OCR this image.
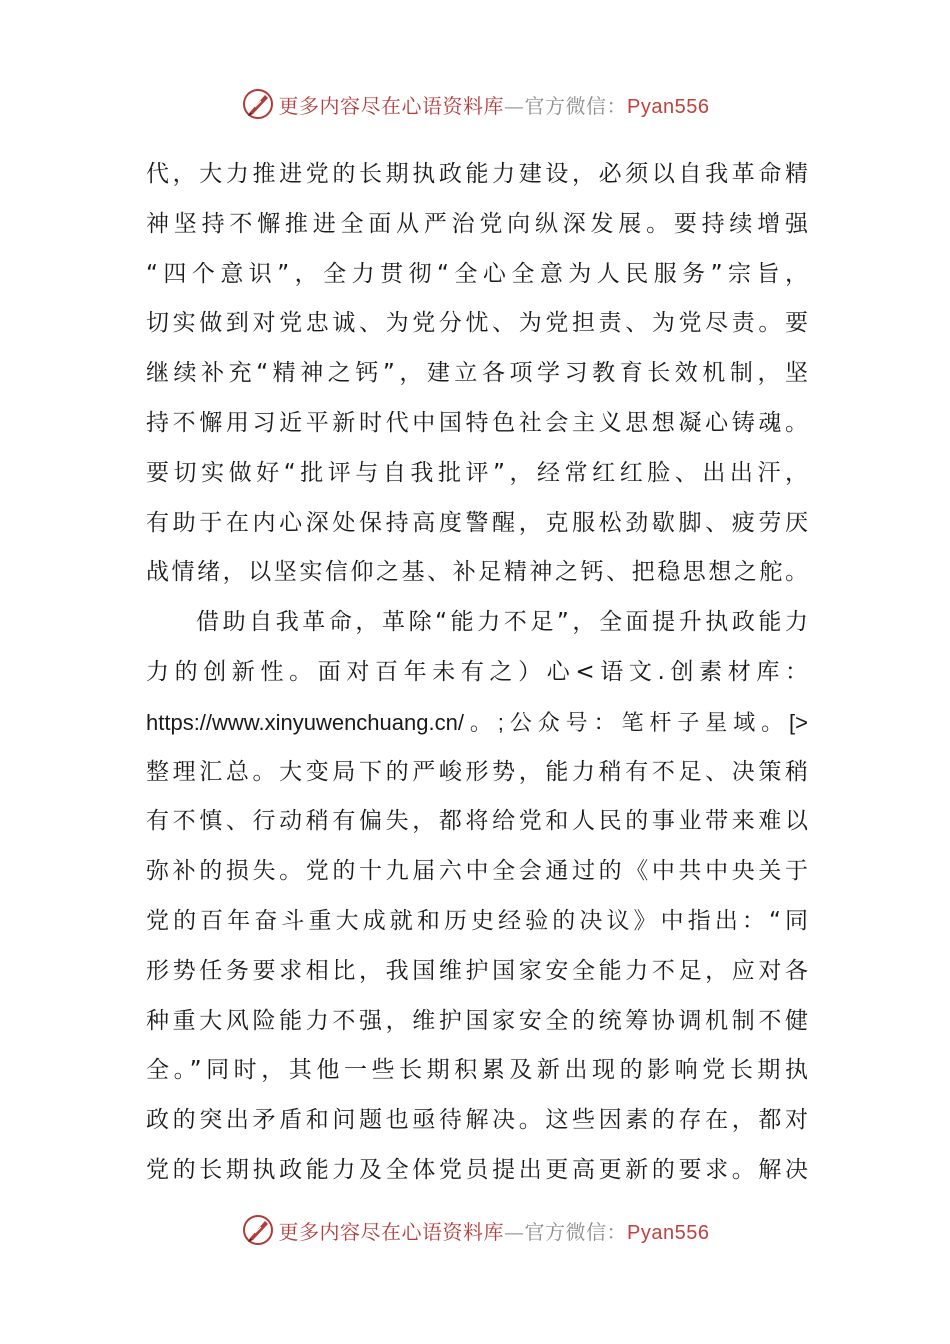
更多内容尽在心语资料库—官方微信：Pyan556
代，大力推进党的长期执政能力建设，必须以自我革命精
神坚持不懈推进全面从严治党向纵深发展。要持续增强
“四个意识”，全力贯彻“全心全意为人民服务”宗旨，
切实做到对党忠诚、为党分忧、为党担责、为党尽责。要
继续补充“精神之钙”，建立各项学习教育长效机制，坚
持不懈用习近平新时代中国特色社会主义思想凝心铸魂。
要切实做好“批评与自我批评”，经常红红脸、出出汗，
有助于在内心深处保持高度警醒，克服松劲歇脚、疲劳厌
战情绪，以坚实信仰之基、补足精神之钙、把稳思想之舵。
借助自我革命，革除“能力不足”，全面提升执政能力
力的创新性。面对百年未有之）心<语文.创素材库：
https://www.xinyuwenchuang.cn/。;公众号：笔杆子星域。[>
整理汇总。大变局下的严峻形势，能力稍有不足、决策稍
有不慎、行动稍有偏失，都将给党和人民的事业带来难以
弥补的损失。党的十九届六中全会通过的《中共中央关于
党的百年奋斗重大成就和历史经验的决议》中指出：“同
形势任务要求相比，我国维护国家安全能力不足，应对各
种重大风险能力不强，维护国家安全的统筹协调机制不健
全。”同时，其他一些长期积累及新出现的影响党长期执
政的突出矛盾和问题也亟待解决。这些因素的存在，都对
党的长期执政能力及全体党员提出更高更新的要求。解决
更多内容尽在心语资料库—官方微信：Pyan556
